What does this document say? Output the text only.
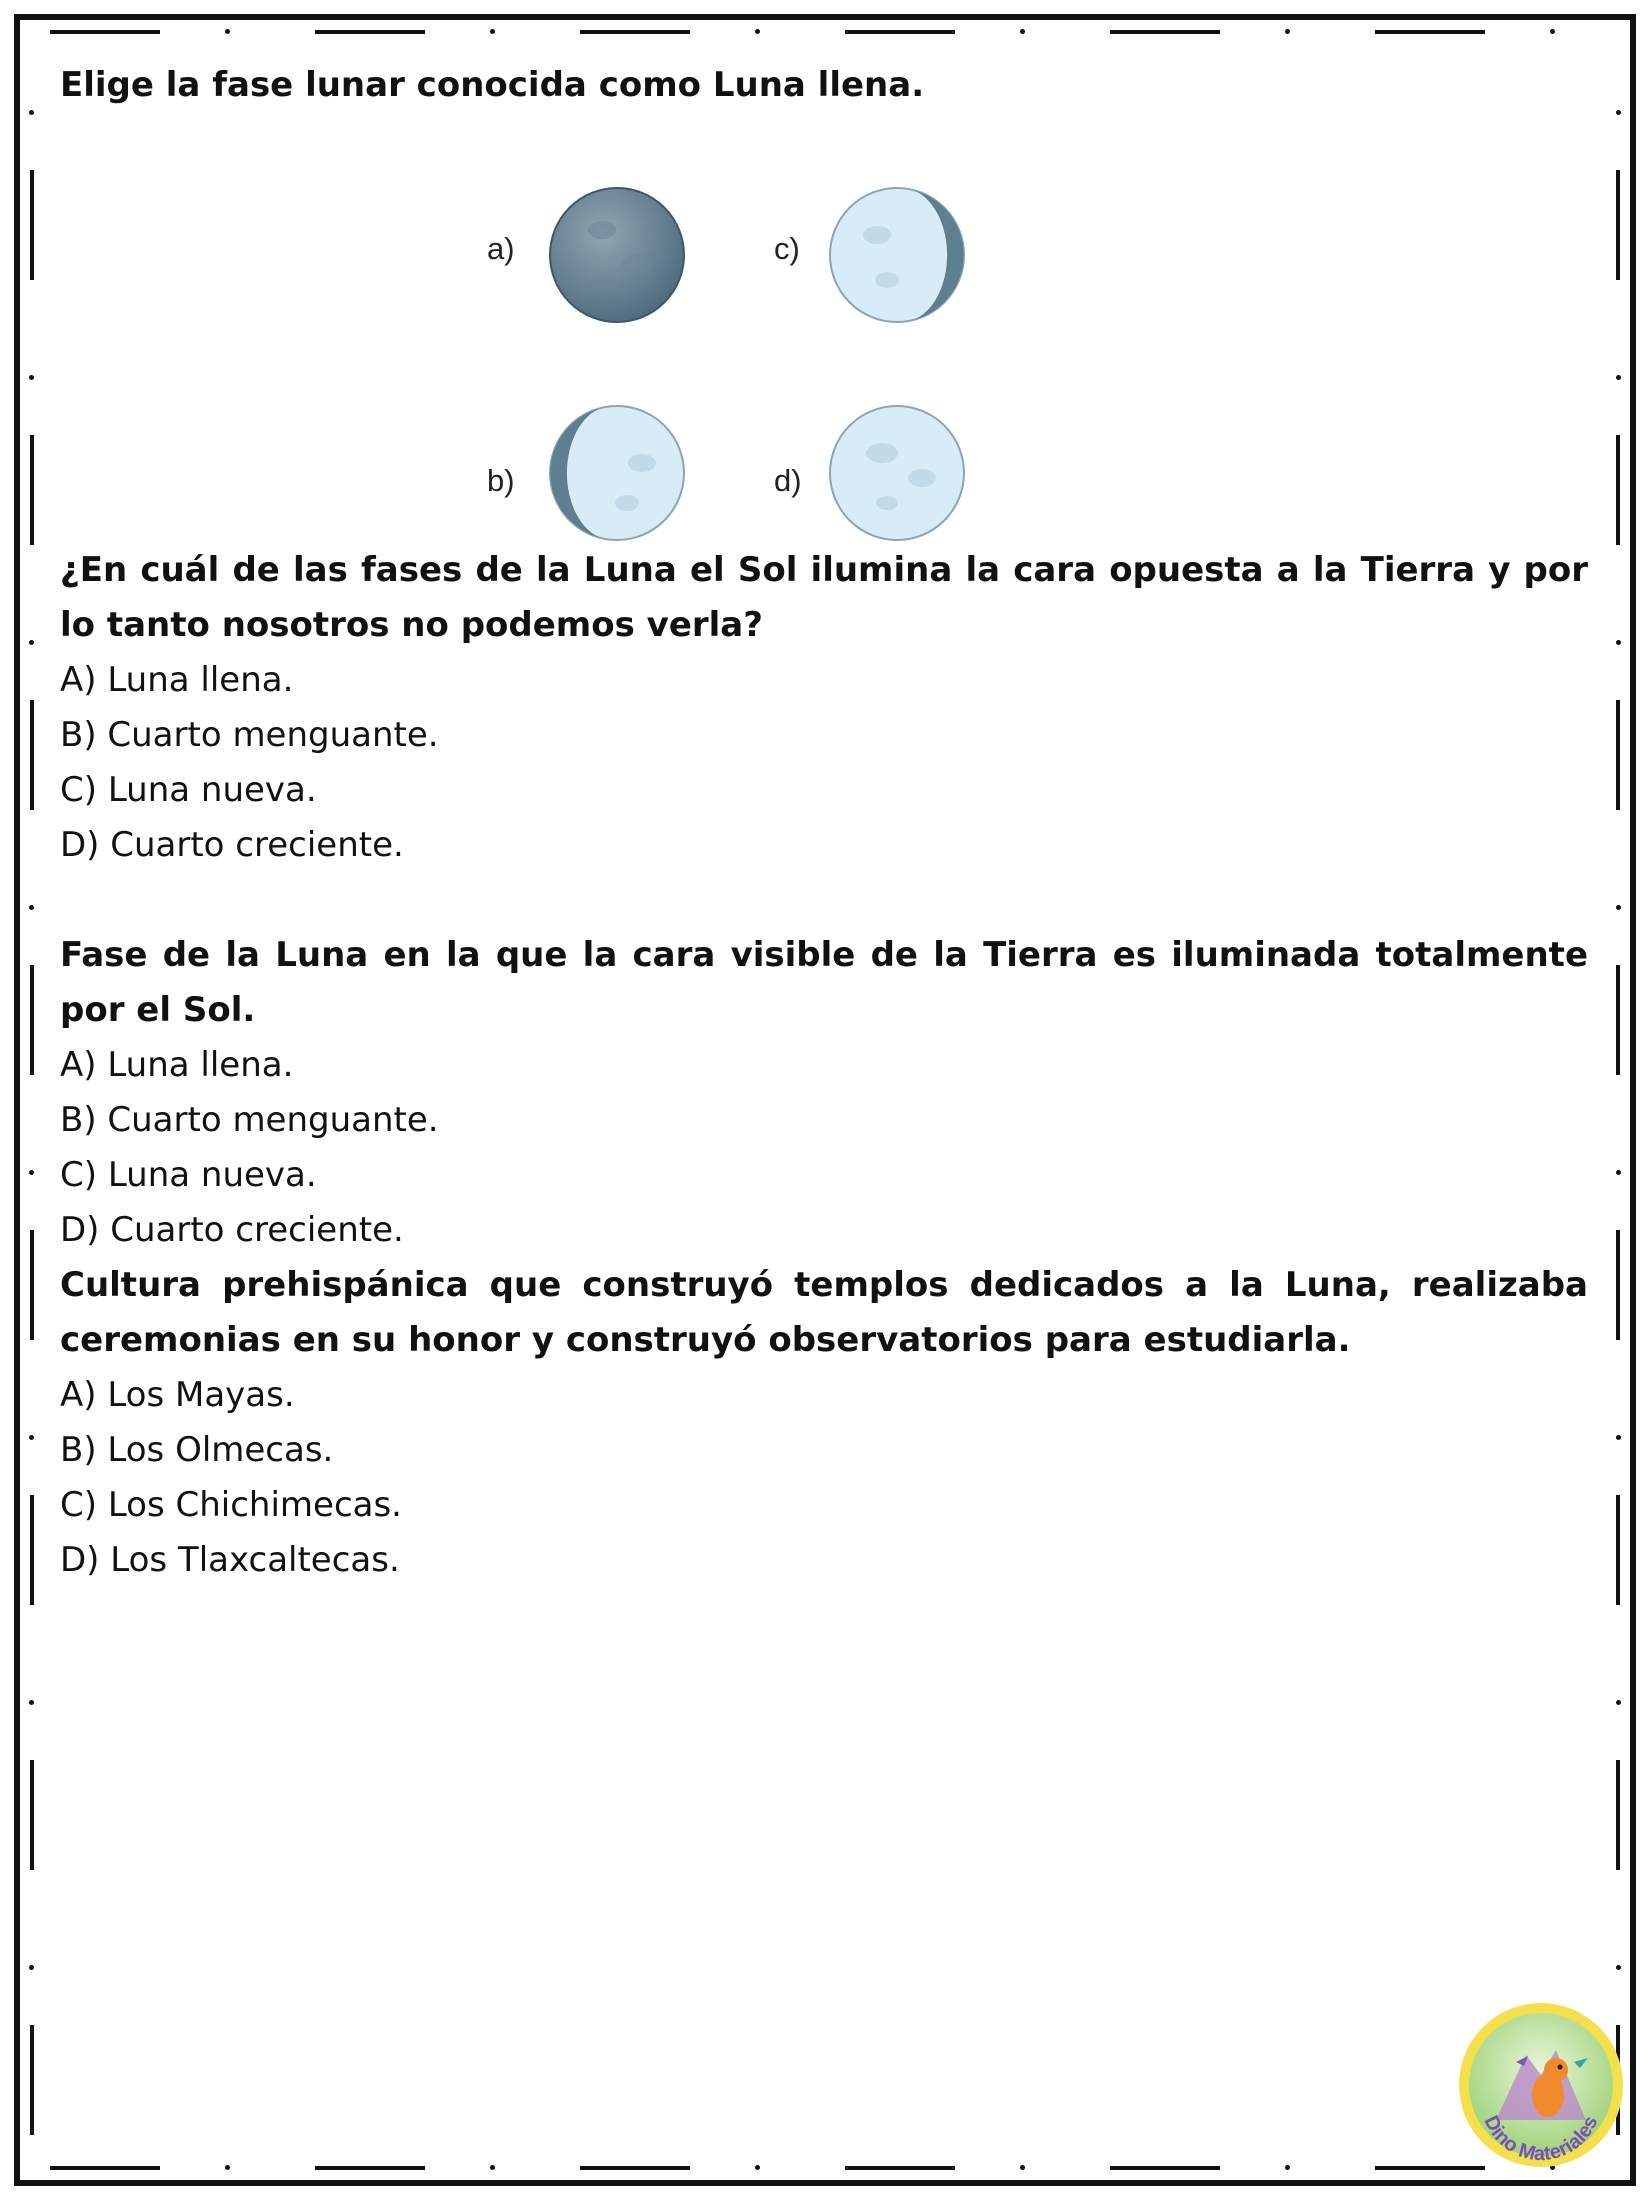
Elige la fase lunar conocida como Luna llena.

a)	c)
b)	d)

¿En cuál de las fases de la Luna el Sol ilumina la cara opuesta a la Tierra y por lo tanto nosotros no podemos verla?

A) Luna llena.

B) Cuarto menguante.

C) Luna nueva.

D) Cuarto creciente.

Fase de la Luna en la que la cara visible de la Tierra es iluminada totalmente por el Sol.

A) Luna llena.

B) Cuarto menguante.

C) Luna nueva.

D) Cuarto creciente.

Cultura prehispánica que construyó templos dedicados a la Luna, realizaba ceremonias en su honor y construyó observatorios para estudiarla.

A) Los Mayas.

B) Los Olmecas.

C) Los Chichimecas.

D) Los Tlaxcaltecas.

Dino Materiales
